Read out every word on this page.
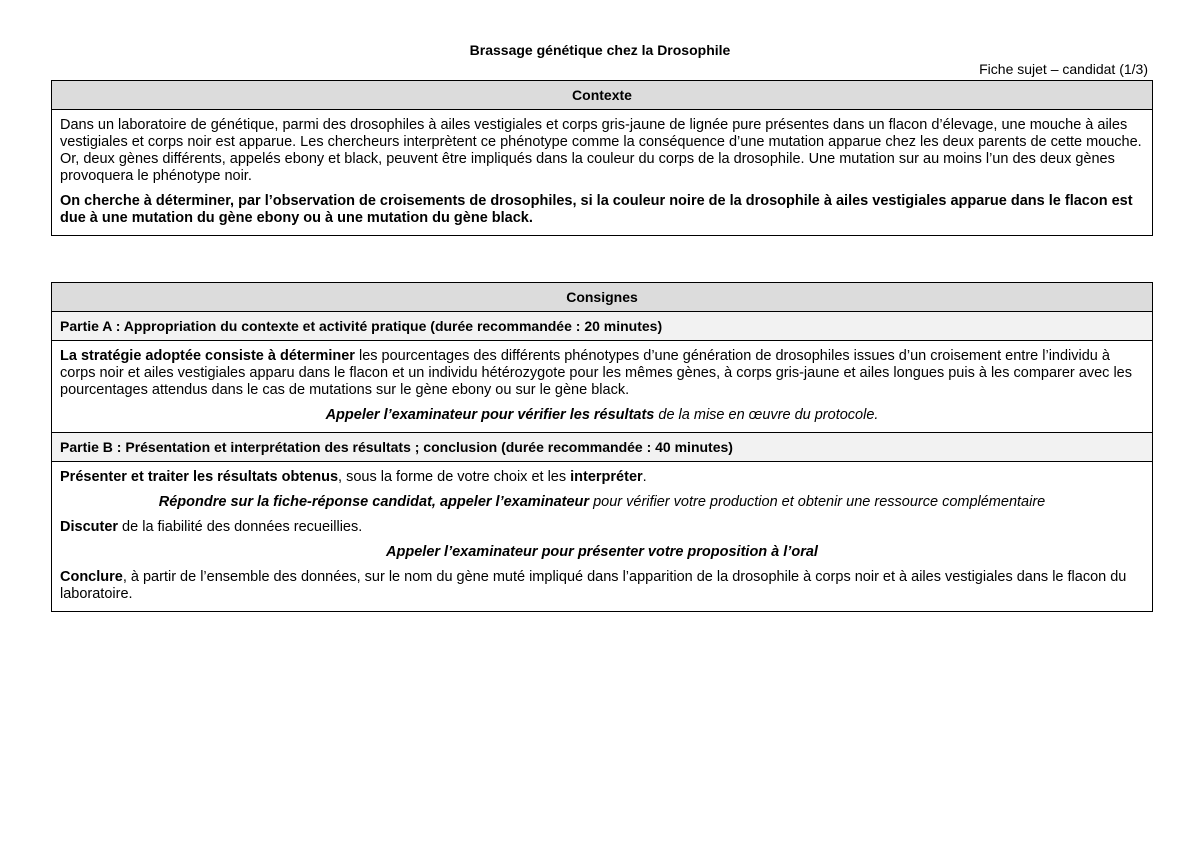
Brassage génétique chez la Drosophile
Fiche sujet – candidat (1/3)
Contexte

Dans un laboratoire de génétique, parmi des drosophiles à ailes vestigiales et corps gris-jaune de lignée pure présentes dans un flacon d’élevage, une mouche à ailes vestigiales et corps noir est apparue. Les chercheurs interprètent ce phénotype comme la conséquence d’une mutation apparue chez les deux parents de cette mouche. Or, deux gènes différents, appelés ebony et black, peuvent être impliqués dans la couleur du corps de la drosophile. Une mutation sur au moins l’un des deux gènes provoquera le phénotype noir.

On cherche à déterminer, par l’observation de croisements de drosophiles, si la couleur noire de la drosophile à ailes vestigiales apparue dans le flacon est due à une mutation du gène ebony ou à une mutation du gène black.

Consignes
Partie A : Appropriation du contexte et activité pratique (durée recommandée : 20 minutes)

La stratégie adoptée consiste à déterminer les pourcentages des différents phénotypes d’une génération de drosophiles issues d’un croisement entre l’individu à corps noir et ailes vestigiales apparu dans le flacon et un individu hétérozygote pour les mêmes gènes, à corps gris-jaune et ailes longues puis à les comparer avec les pourcentages attendus dans le cas de mutations sur le gène ebony ou sur le gène black.

Appeler l’examinateur pour vérifier les résultats de la mise en œuvre du protocole.

Partie B : Présentation et interprétation des résultats ; conclusion (durée recommandée : 40 minutes)

Présenter et traiter les résultats obtenus, sous la forme de votre choix et les interpréter.

Répondre sur la fiche-réponse candidat, appeler l’examinateur pour vérifier votre production et obtenir une ressource complémentaire

Discuter de la fiabilité des données recueillies.

Appeler l’examinateur pour présenter votre proposition à l’oral

Conclure, à partir de l’ensemble des données, sur le nom du gène muté impliqué dans l’apparition de la drosophile à corps noir et à ailes vestigiales dans le flacon du laboratoire.
